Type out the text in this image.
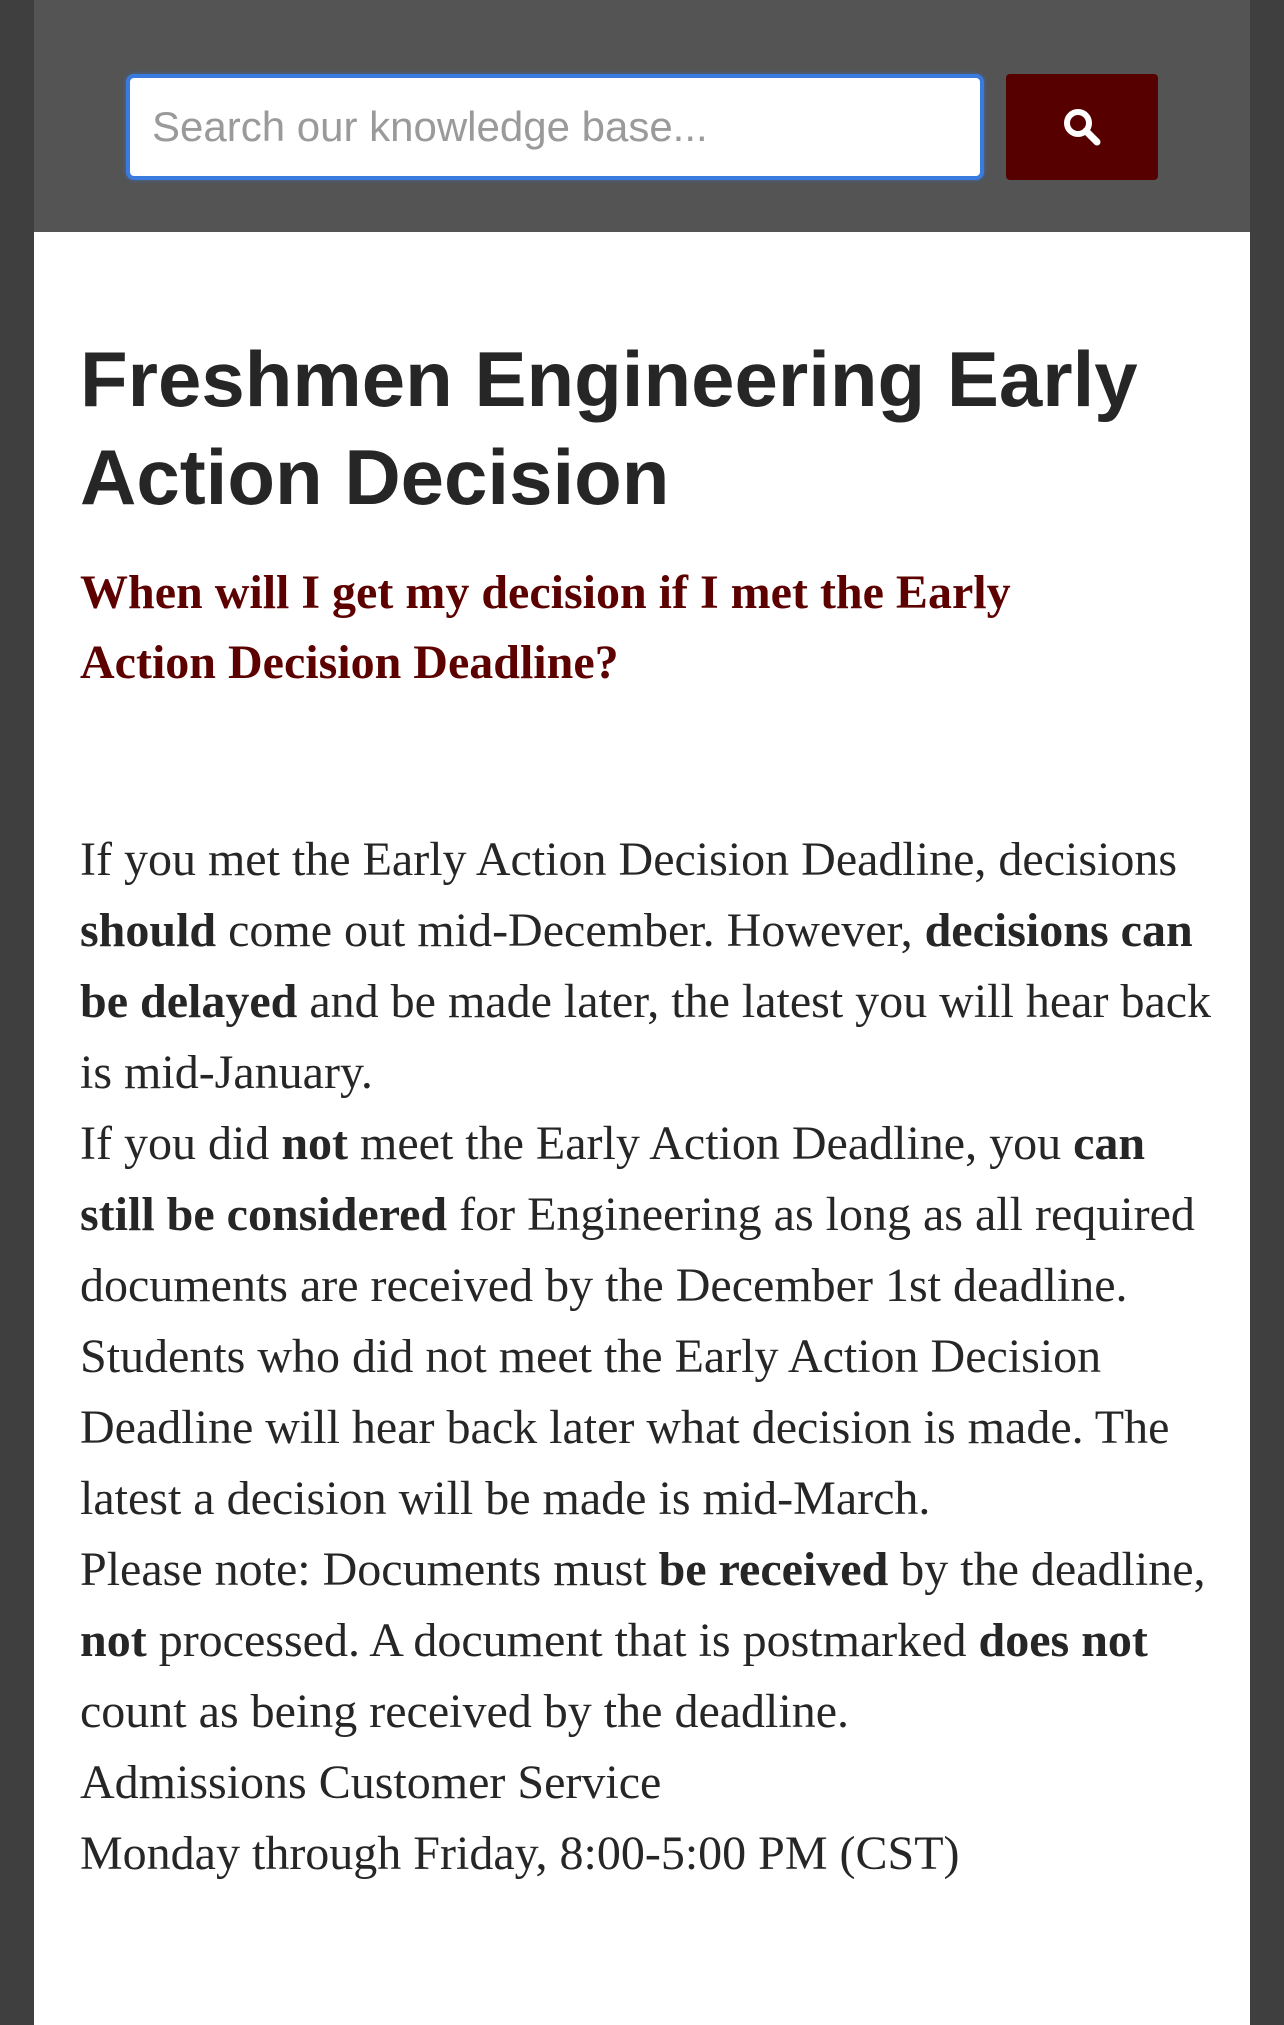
Search our knowledge base...
Freshmen Engineering Early Action Decision
When will I get my decision if I met the Early Action Decision Deadline?

If you met the Early Action Decision Deadline, decisions should come out mid-December. However, decisions can be delayed and be made later, the latest you will hear back is mid-January.

If you did not meet the Early Action Deadline, you can still be considered for Engineering as long as all required documents are received by the December 1st deadline.

Students who did not meet the Early Action Decision Deadline will hear back later what decision is made. The latest a decision will be made is mid-March.

Please note: Documents must be received by the deadline, not processed. A document that is postmarked does not count as being received by the deadline.

Admissions Customer Service

Monday through Friday, 8:00-5:00 PM (CST)
